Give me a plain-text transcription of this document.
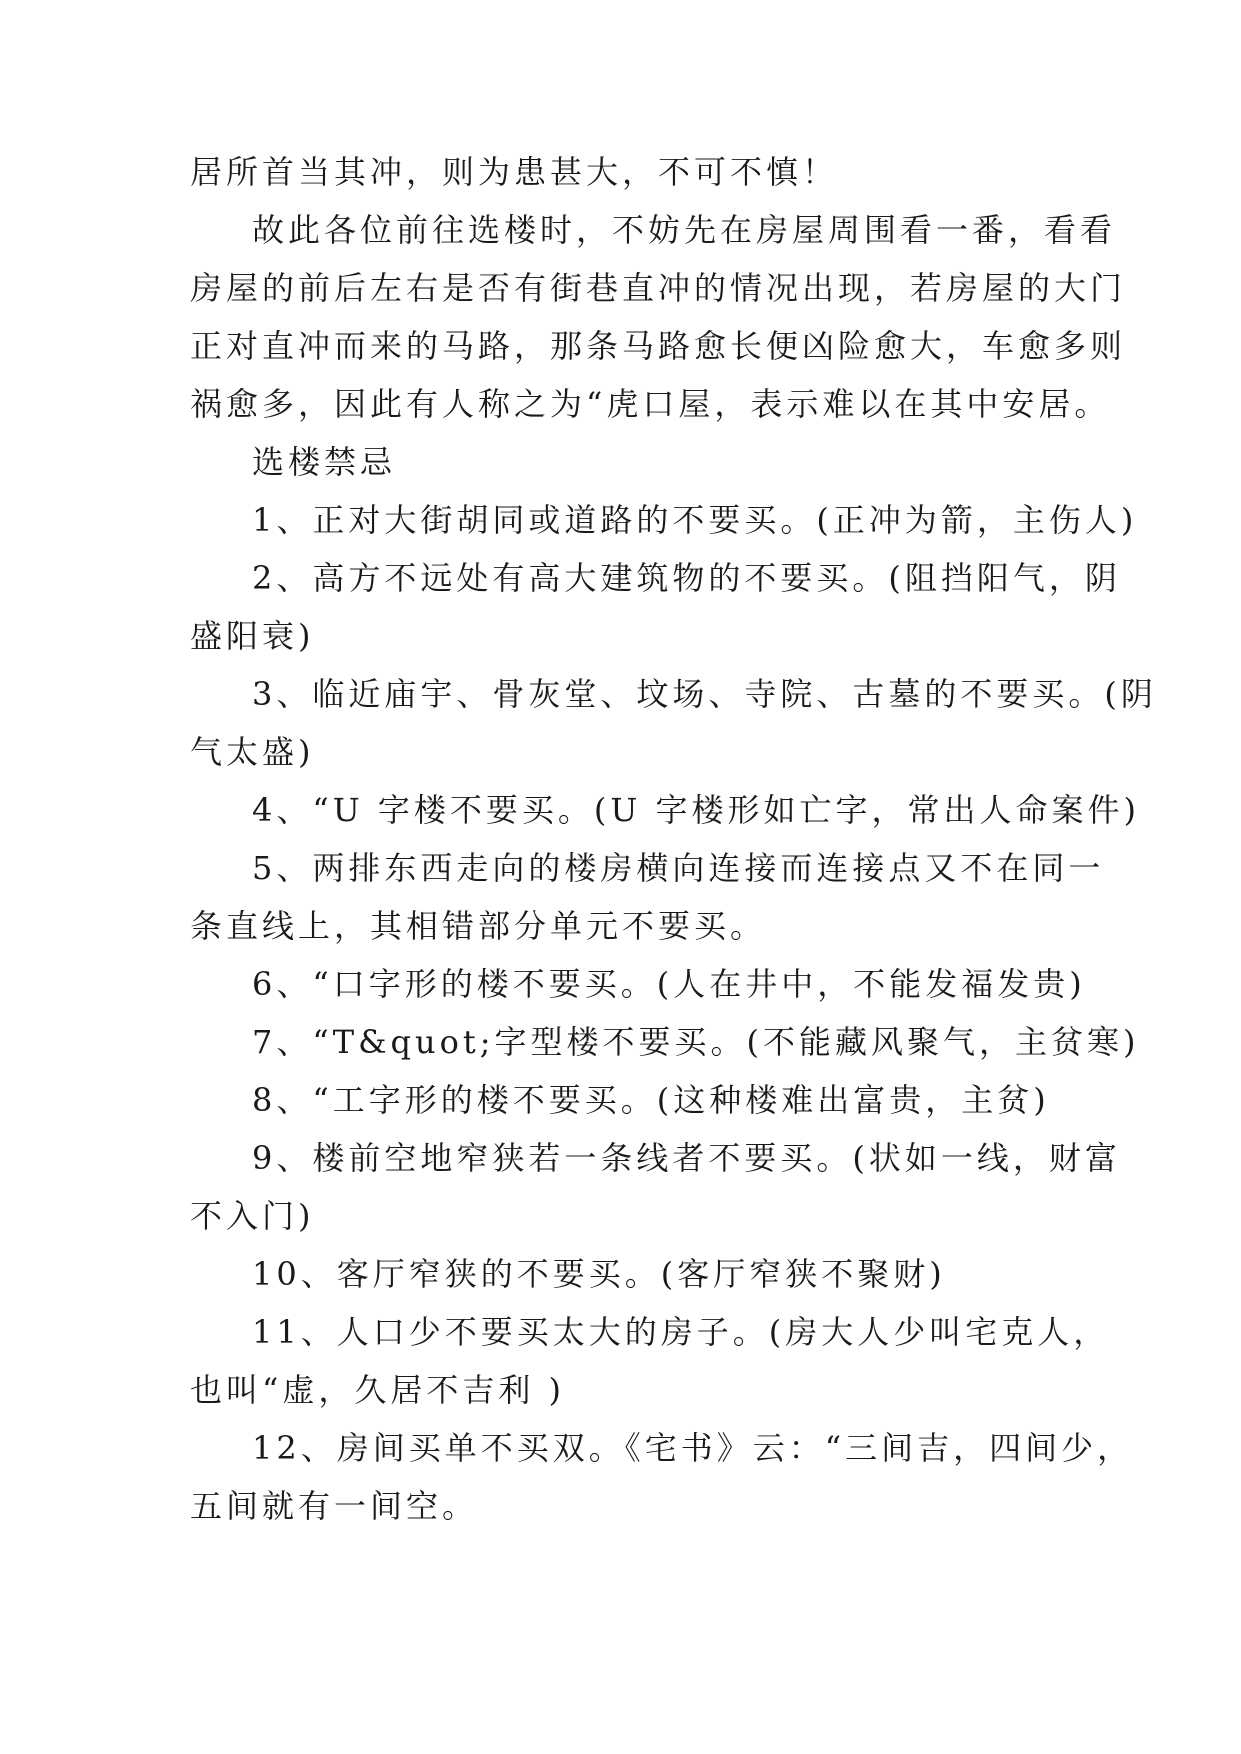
居所首当其冲，则为患甚大，不可不慎！
故此各位前往选楼时，不妨先在房屋周围看一番，看看
房屋的前后左右是否有街巷直冲的情况出现，若房屋的大门
正对直冲而来的马路，那条马路愈长便凶险愈大，车愈多则
祸愈多，因此有人称之为“虎口屋，表示难以在其中安居。
选楼禁忌
1、正对大街胡同或道路的不要买。(正冲为箭，主伤人)
2、高方不远处有高大建筑物的不要买。(阻挡阳气，阴
盛阳衰)
3、临近庙宇、骨灰堂、坟场、寺院、古墓的不要买。(阴
气太盛)
4、“U 字楼不要买。(U 字楼形如亡字，常出人命案件)
5、两排东西走向的楼房横向连接而连接点又不在同一
条直线上，其相错部分单元不要买。
6、“口字形的楼不要买。(人在井中，不能发福发贵)
7、“T&quot;字型楼不要买。(不能藏风聚气，主贫寒)
8、“工字形的楼不要买。(这种楼难出富贵，主贫)
9、楼前空地窄狭若一条线者不要买。(状如一线，财富
不入门)
10、客厅窄狭的不要买。(客厅窄狭不聚财)
11、人口少不要买太大的房子。(房大人少叫宅克人，
也叫“虚，久居不吉利 )
12、房间买单不买双。《宅书》云：“三间吉，四间少，
五间就有一间空。
